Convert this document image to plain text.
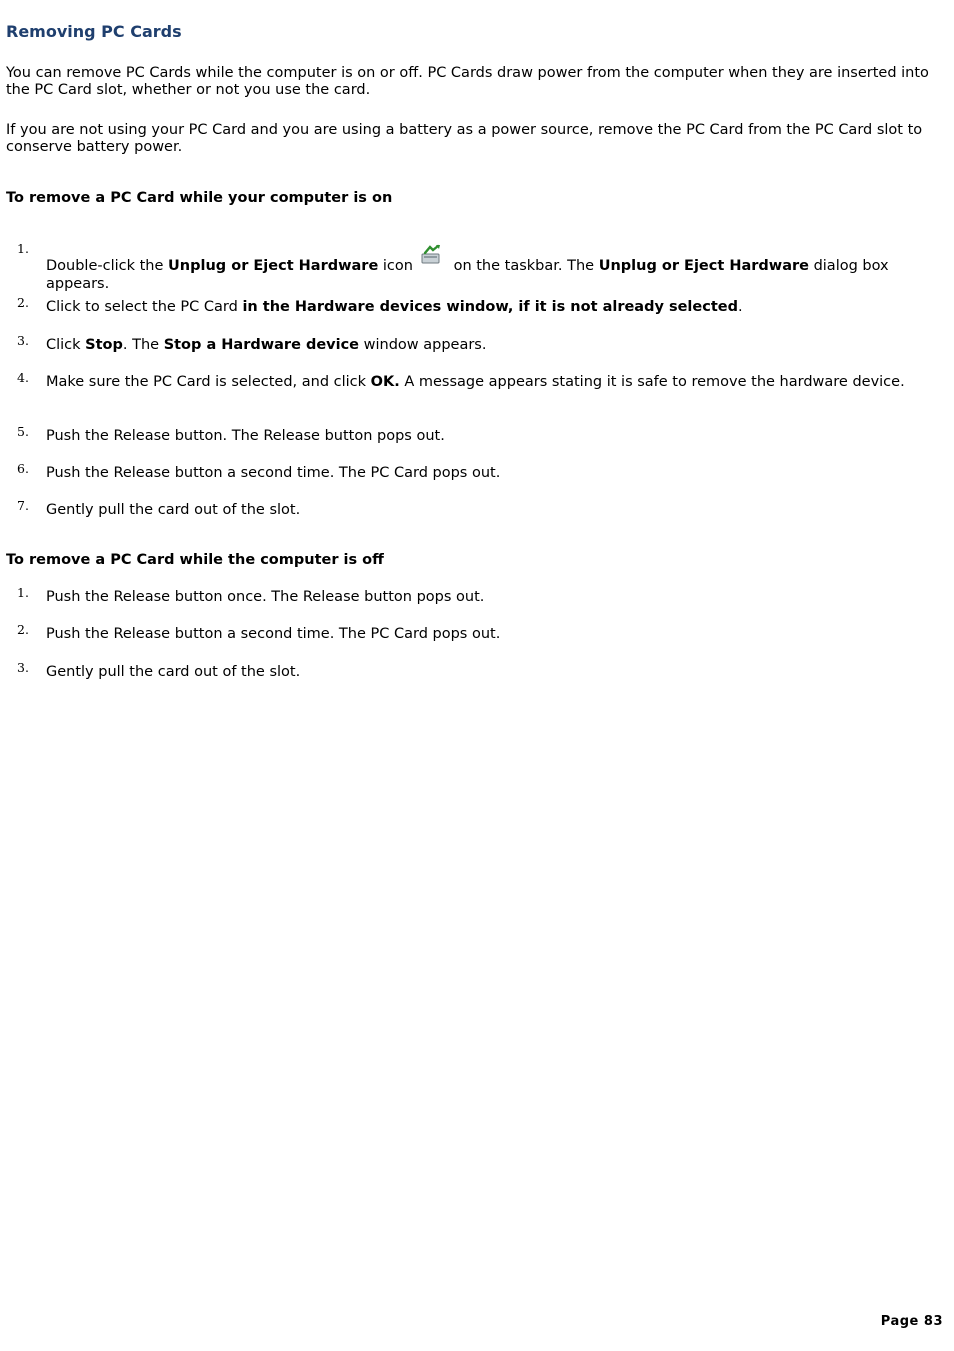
Removing PC Cards

You can remove PC Cards while the computer is on or off. PC Cards draw power from the computer when they are inserted into the PC Card slot, whether or not you use the card.

If you are not using your PC Card and you are using a battery as a power source, remove the PC Card from the PC Card slot to conserve battery power.

To remove a PC Card while your computer is on
1.
Double-click the Unplug or Eject Hardware icon on the taskbar. The Unplug or Eject Hardware dialog box appears.
2. Click to select the PC Card in the Hardware devices window, if it is not already selected.
3. Click Stop. The Stop a Hardware device window appears.
4. Make sure the PC Card is selected, and click OK. A message appears stating it is safe to remove the hardware device.
5. Push the Release button. The Release button pops out.
6. Push the Release button a second time. The PC Card pops out.
7. Gently pull the card out of the slot.
To remove a PC Card while the computer is off
1. Push the Release button once. The Release button pops out.
2. Push the Release button a second time. The PC Card pops out.
3. Gently pull the card out of the slot.
Page 83
